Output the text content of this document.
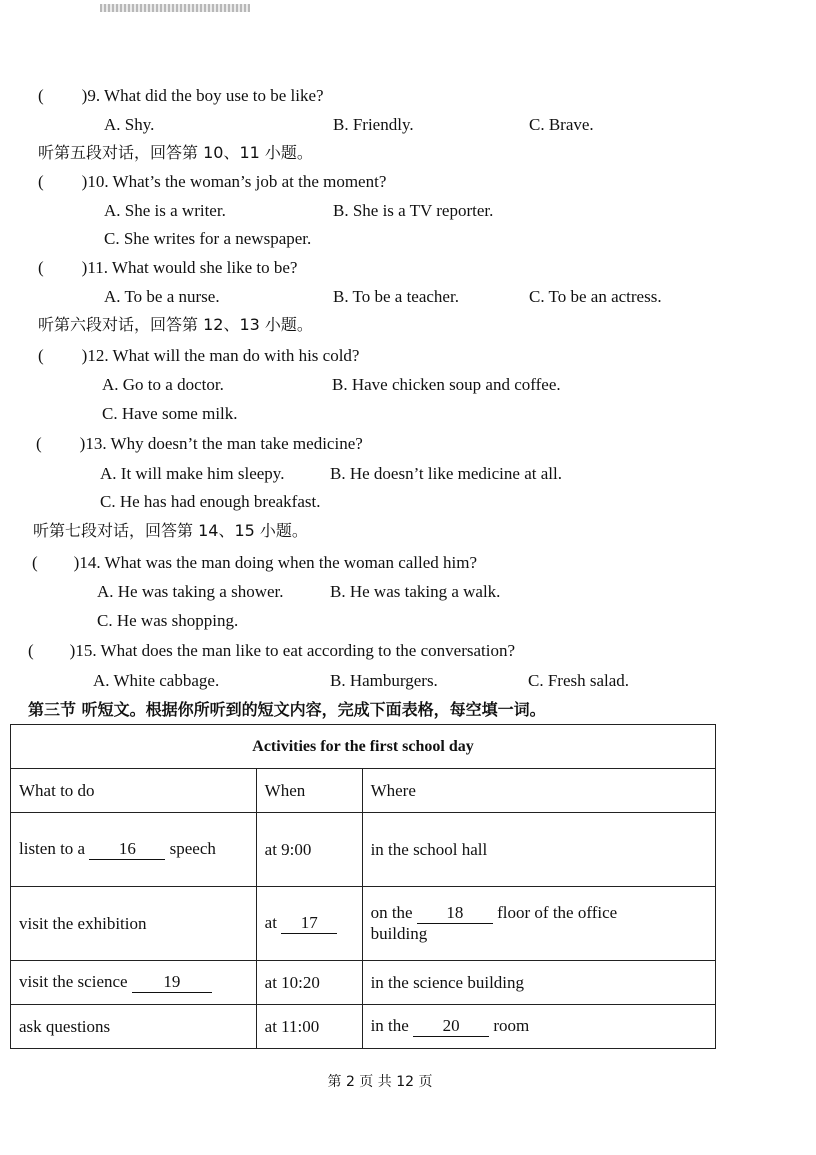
( )9. What did the boy use to be like?
A. Shy.	B. Friendly.	C. Brave.
听第五段对话，回答第 10、11 小题。
( )10. What’s the woman’s job at the moment?
A. She is a writer.	B. She is a TV reporter.
C. She writes for a newspaper.
( )11. What would she like to be?
A. To be a nurse.	B. To be a teacher.	C. To be an actress.
听第六段对话，回答第 12、13 小题。
( )12. What will the man do with his cold?
A. Go to a doctor.	B. Have chicken soup and coffee.
C. Have some milk.
( )13. Why doesn’t the man take medicine?
A. It will make him sleepy.	B. He doesn’t like medicine at all.
C. He has had enough breakfast.
听第七段对话，回答第 14、15 小题。
( )14. What was the man doing when the woman called him?
A. He was taking a shower.	B. He was taking a walk.
C. He was shopping.
( )15. What does the man like to eat according to the conversation?
A. White cabbage.	B. Hamburgers.	C. Fresh salad.
第三节 听短文。根据你所听到的短文内容，完成下面表格，每空填一词。
Activities for the first school day		
What to do	When	Where
listen to a 16 speech	at 9:00	in the school hall
visit the exhibition	at 17	on the 18 floor of the office
building
visit the science 19	at 10:20	in the science building
ask questions	at 11:00	in the 20 room
第 2 页 共 12 页
